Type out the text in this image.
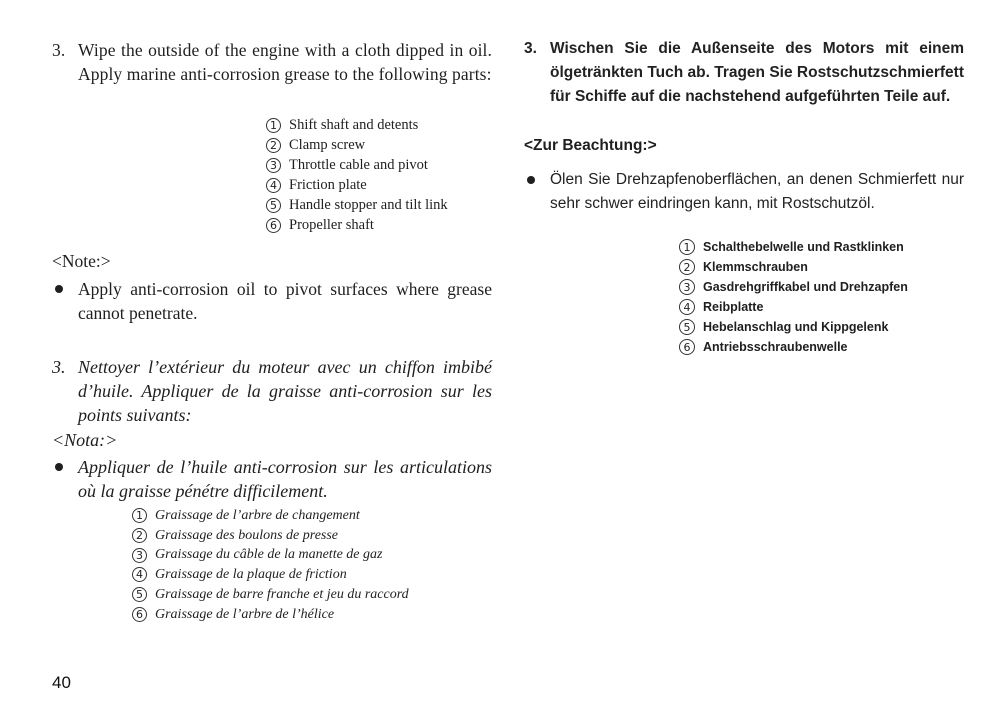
3. Wipe the outside of the engine with a cloth dipped in oil. Apply marine anti-corrosion grease to the following parts:
1 Shift shaft and detents
2 Clamp screw
3 Throttle cable and pivot
4 Friction plate
5 Handle stopper and tilt link
6 Propeller shaft
<Note:>
Apply anti-corrosion oil to pivot surfaces where grease cannot penetrate.
3. Nettoyer l’extérieur du moteur avec un chiffon imbibé d’huile. Appliquer de la graisse anti-corrosion sur les points suivants:
<Nota:>
Appliquer de l’huile anti-corrosion sur les articulations où la graisse pénétre difficilement.
1 Graissage de l’arbre de changement
2 Graissage des boulons de presse
3 Graissage du câble de la manette de gaz
4 Graissage de la plaque de friction
5 Graissage de barre franche et jeu du raccord
6 Graissage de l’arbre de l’hélice
3. Wischen Sie die Außenseite des Motors mit einem ölgetränkten Tuch ab. Tragen Sie Rostschutzschmierfett für Schiffe auf die nachstehend aufgeführten Teile auf.
<Zur Beachtung:>
Ölen Sie Drehzapfenoberflächen, an denen Schmierfett nur sehr schwer eindringen kann, mit Rostschutzöl.
1	Schalthebelwelle und Rastklinken
2	Klemmschrauben
3	Gasdrehgriffkabel und Drehzapfen
4	Reibplatte
5	Hebelanschlag und Kippgelenk
6	Antriebsschraubenwelle
40
